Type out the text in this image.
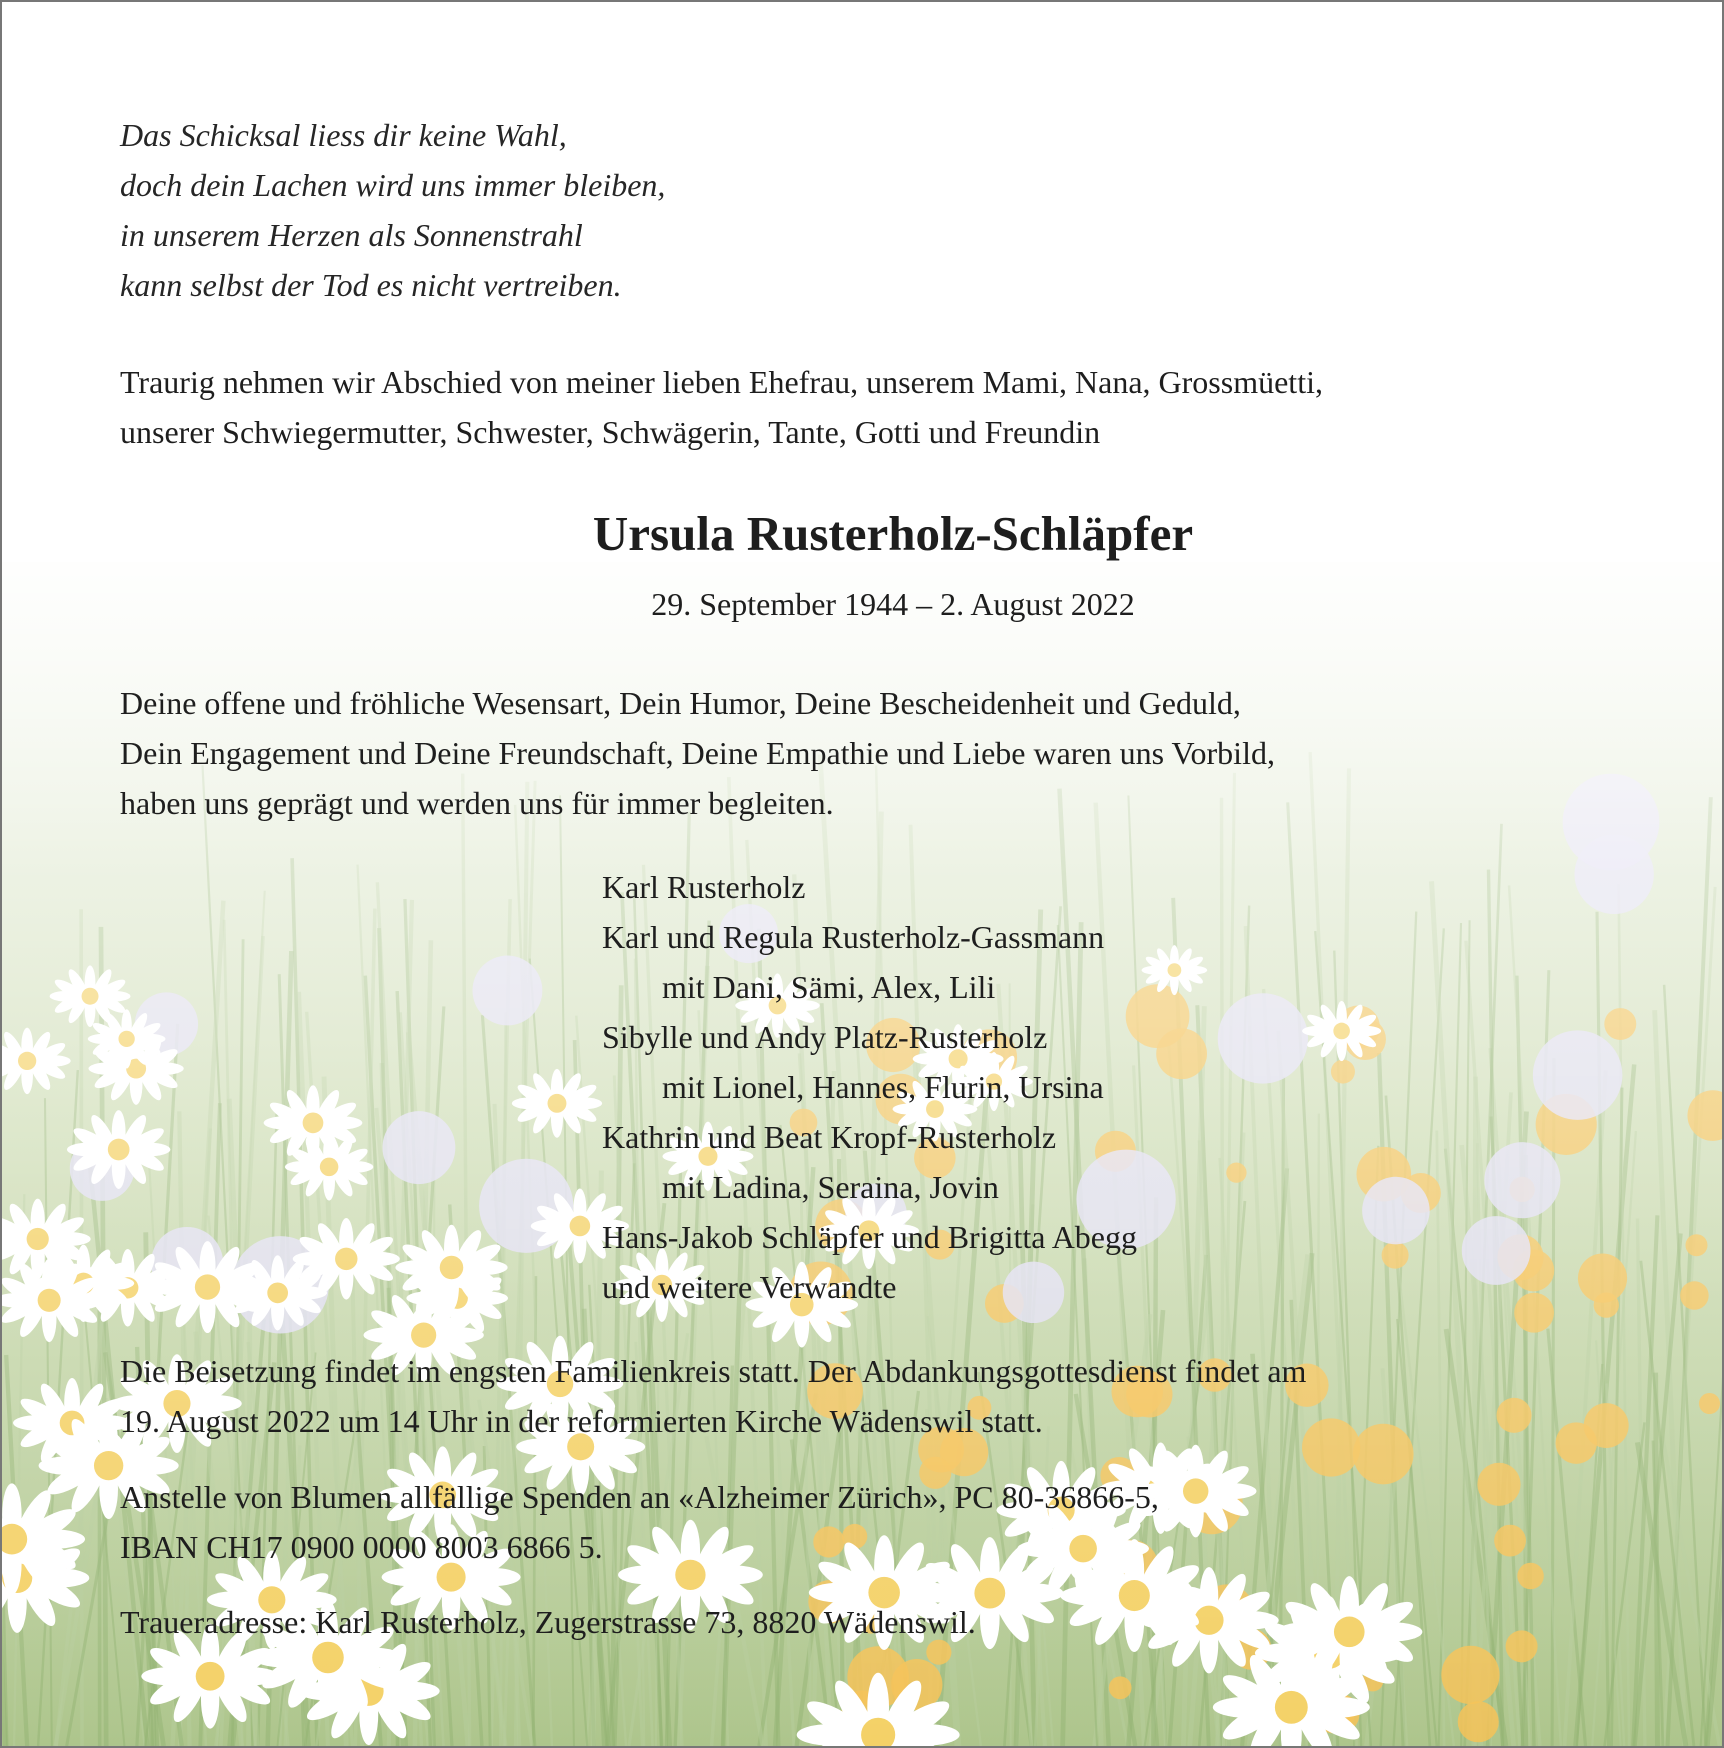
Das Schicksal liess dir keine Wahl,
doch dein Lachen wird uns immer bleiben,
in unserem Herzen als Sonnenstrahl
kann selbst der Tod es nicht vertreiben.

Traurig nehmen wir Abschied von meiner lieben Ehefrau, unserem Mami, Nana, Grossmüetti,
unserer Schwiegermutter, Schwester, Schwägerin, Tante, Gotti und Freundin

Ursula Rusterholz-Schläpfer

29. September 1944 – 2. August 2022

Deine offene und fröhliche Wesensart, Dein Humor, Deine Bescheidenheit und Geduld,
Dein Engagement und Deine Freundschaft, Deine Empathie und Liebe waren uns Vorbild,
haben uns geprägt und werden uns für immer begleiten.

Karl Rusterholz
Karl und Regula Rusterholz-Gassmann
mit Dani, Sämi, Alex, Lili
Sibylle und Andy Platz-Rusterholz
mit Lionel, Hannes, Flurin, Ursina
Kathrin und Beat Kropf-Rusterholz
mit Ladina, Seraina, Jovin
Hans-Jakob Schläpfer und Brigitta Abegg
und weitere Verwandte

Die Beisetzung findet im engsten Familienkreis statt. Der Abdankungsgottesdienst findet am
19. August 2022 um 14 Uhr in der reformierten Kirche Wädenswil statt.

Anstelle von Blumen allfällige Spenden an «Alzheimer Zürich», PC 80-36866-5,
IBAN CH17 0900 0000 8003 6866 5.

Traueradresse: Karl Rusterholz, Zugerstrasse 73, 8820 Wädenswil.
